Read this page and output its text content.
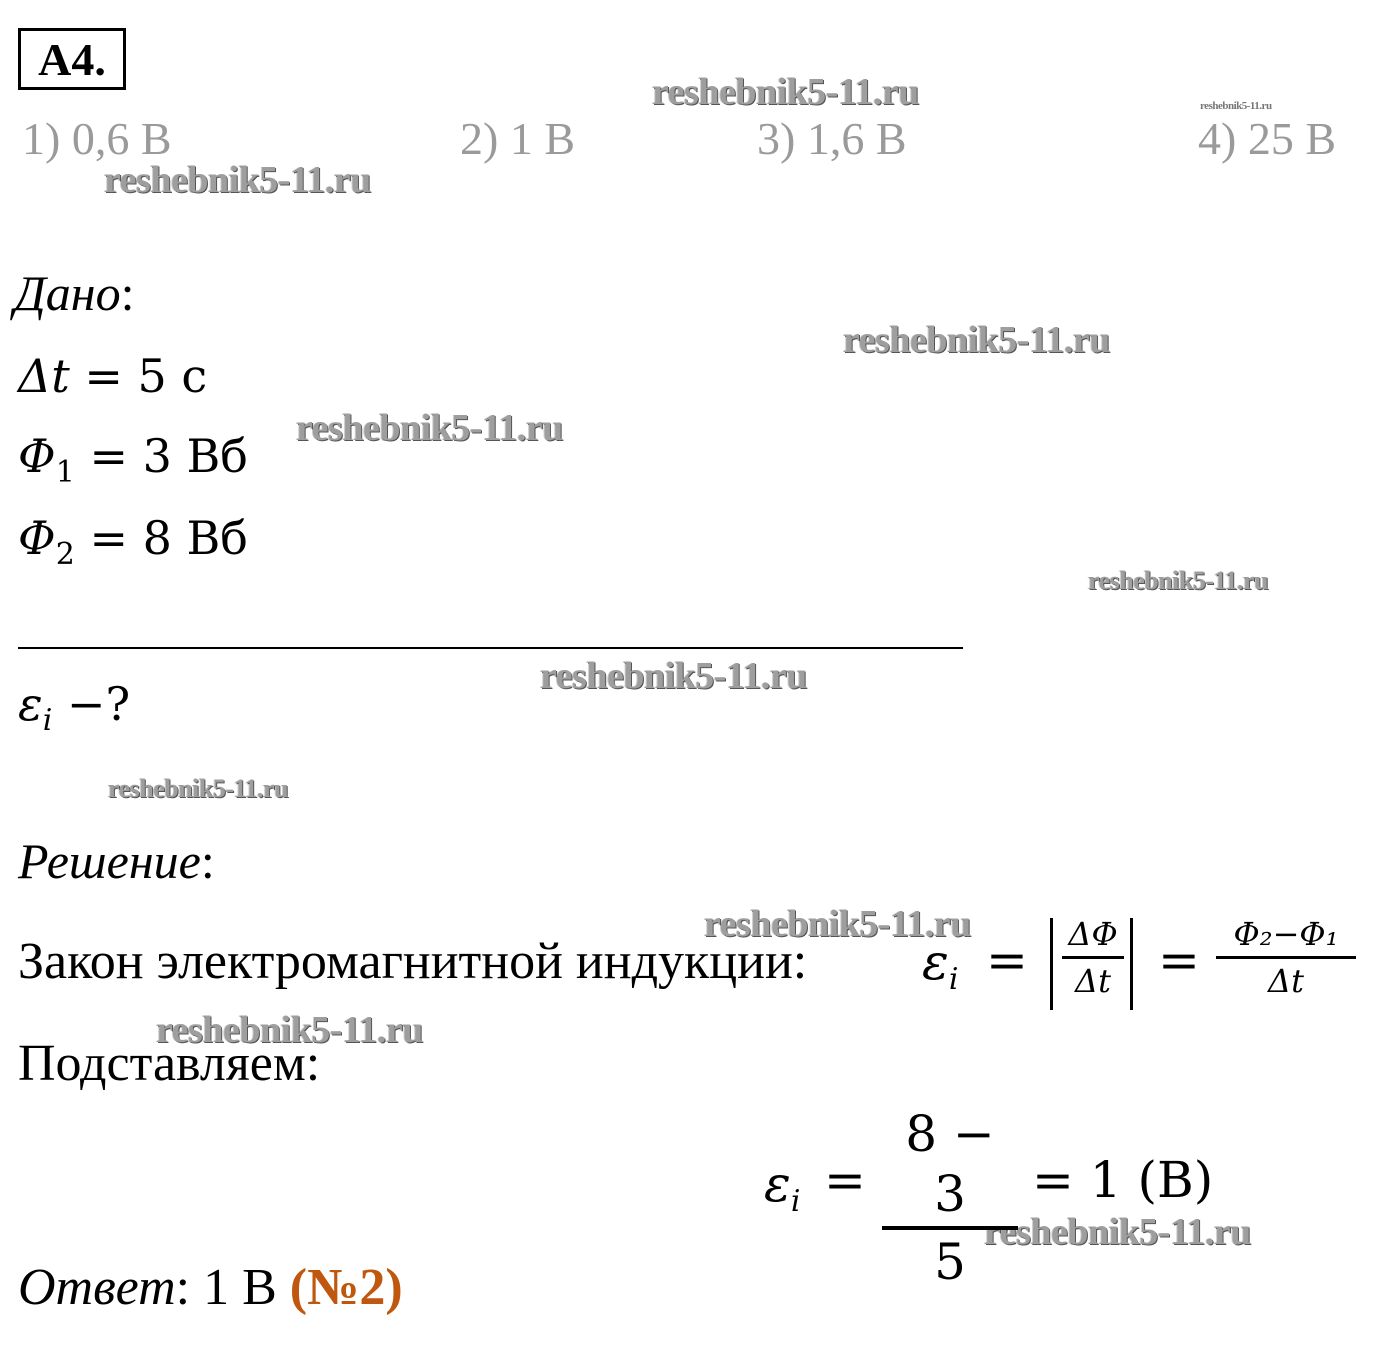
А4.
1) 0,6 В	2) 1 В	3) 1,6 В	4) 25 В
reshebnik5-11.ru	reshebnik5-11.ru
reshebnik5-11.ru
reshebnik5-11.ru
reshebnik5-11.ru
reshebnik5-11.ru
reshebnik5-11.ru
reshebnik5-11.ru
reshebnik5-11.ru
reshebnik5-11.ru
reshebnik5-11.ru
Дано:
Δt = 5 с
$\Phi_1 = 3$ Вб
$\Phi_2 = 8$ Вб
$\varepsilon_i$ −?
Решение:
Закон электромагнитной индукции: $\varepsilon_i = \Delta\Phi$
Δt =	Φ₂−Φ₁
Δt
Подставляем:
$\varepsilon_i$ =
8 − 3
5
= 1 (В)
Ответ: 1 В (№2)
